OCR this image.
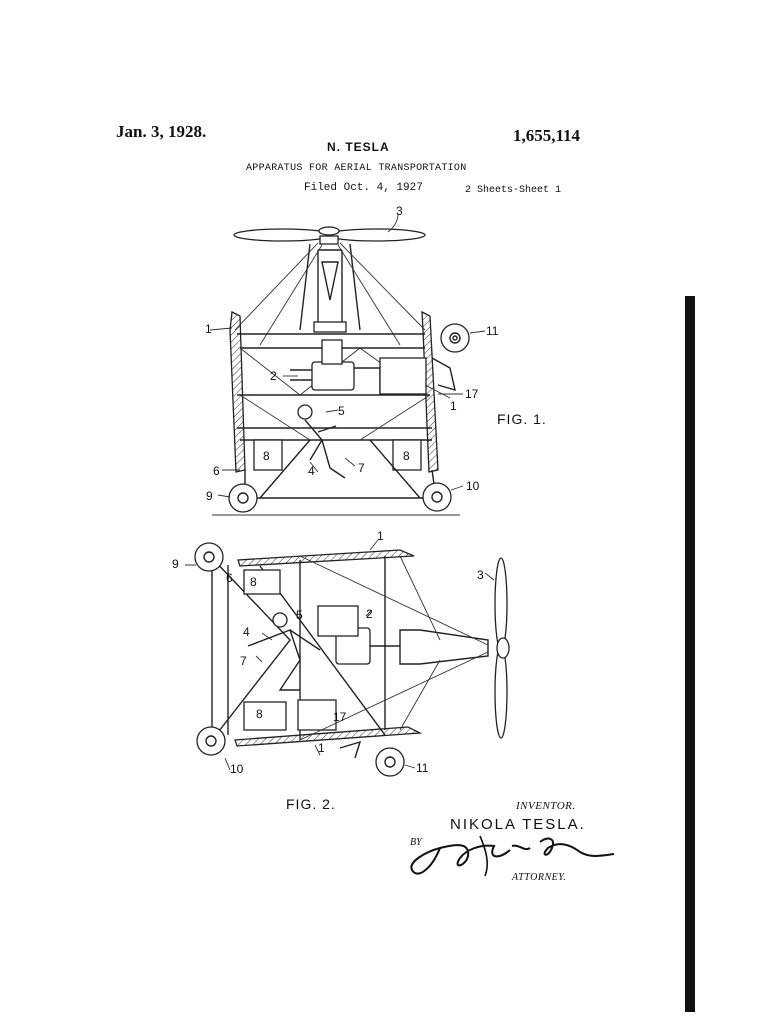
Jan. 3, 1928.	1,655,114
N. TESLA
APPARATUS FOR AERIAL TRANSPORTATION
Filed Oct. 4, 1927	2 Sheets-Sheet 1
3
1	11
2
17
1
5
8	8
6	4	7
9
10
1
9
6 8	3
5	2
4
7
8	17
10
1
11
FIG. 1.
FIG. 2.	INVENTOR.
NIKOLA TESLA.
BY
ATTORNEY.
